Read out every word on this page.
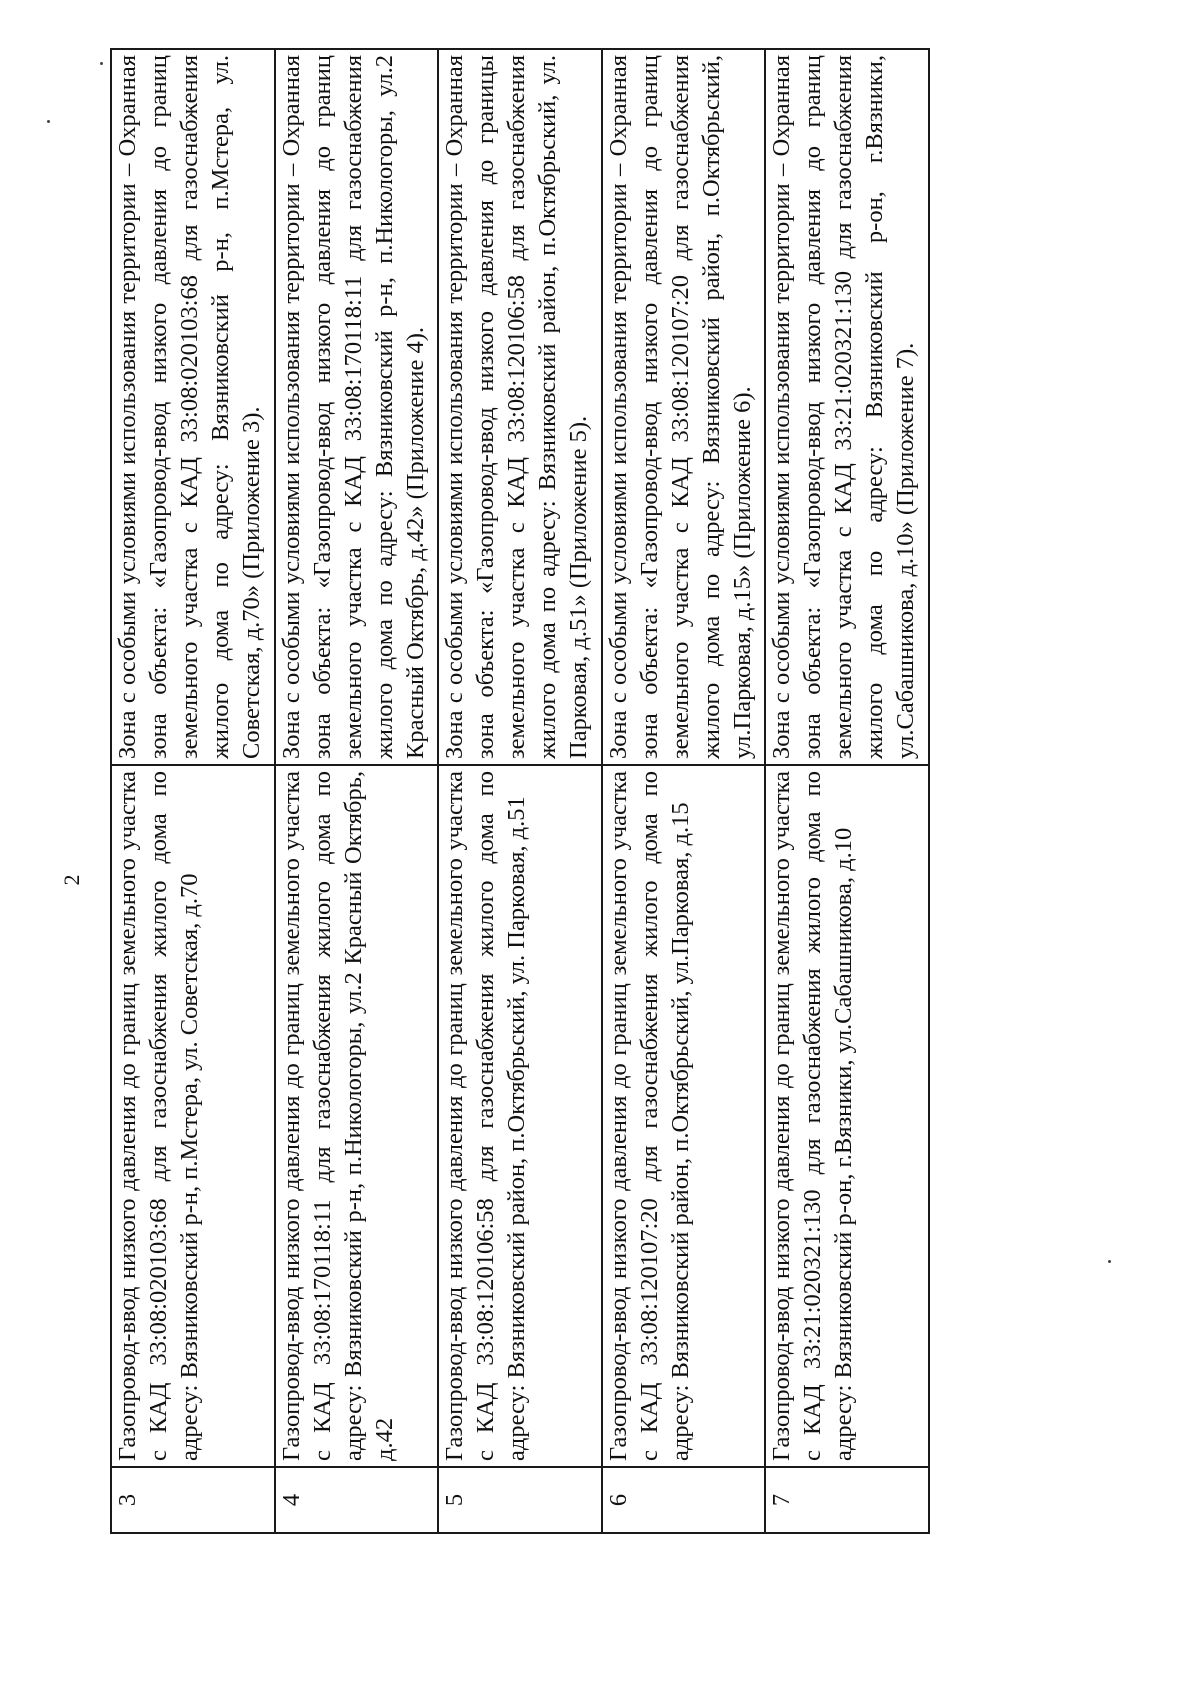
2
3	Газопровод-ввод низкого давления до границ земельного участка с КАД 33:08:020103:68 для газоснабжения жилого дома по адресу: Вязниковский р-н, п.Мстера, ул. Советская, д.70	Зона с особыми условиями использования территории – Охранная зона объекта: «Газопровод-ввод низкого давления до границ земельного участка с КАД 33:08:020103:68 для газоснабжения жилого дома по адресу: Вязниковский р-н, п.Мстера, ул. Советская, д.70» (Приложение 3).
4	Газопровод-ввод низкого давления до границ земельного участка с КАД 33:08:170118:11 для газоснабжения жилого дома по адресу: Вязниковский р-н, п.Никологоры, ул.2 Красный Октябрь, д.42	Зона с особыми условиями использования территории – Охранная зона объекта: «Газопровод-ввод низкого давления до границ земельного участка с КАД 33:08:170118:11 для газоснабжения жилого дома по адресу: Вязниковский р-н, п.Никологоры, ул.2 Красный Октябрь, д.42» (Приложение 4).
5	Газопровод-ввод низкого давления до границ земельного участка с КАД 33:08:120106:58 для газоснабжения жилого дома по адресу: Вязниковский район, п.Октябрьский, ул. Парковая, д.51	Зона с особыми условиями использования территории – Охранная зона объекта: «Газопровод-ввод низкого давления до границы земельного участка с КАД 33:08:120106:58 для газоснабжения жилого дома по адресу: Вязниковский район, п.Октябрьский, ул. Парковая, д.51» (Приложение 5).
6	Газопровод-ввод низкого давления до границ земельного участка с КАД 33:08:120107:20 для газоснабжения жилого дома по адресу: Вязниковский район, п.Октябрьский, ул.Парковая, д.15	Зона с особыми условиями использования территории – Охранная зона объекта: «Газопровод-ввод низкого давления до границ земельного участка с КАД 33:08:120107:20 для газоснабжения жилого дома по адресу: Вязниковский район, п.Октябрьский, ул.Парковая, д.15» (Приложение 6).
7	Газопровод-ввод низкого давления до границ земельного участка с КАД 33:21:020321:130 для газоснабжения жилого дома по адресу: Вязниковский р-он, г.Вязники, ул.Сабашникова, д.10	Зона с особыми условиями использования территории – Охранная зона объекта: «Газопровод-ввод низкого давления до границ земельного участка с КАД 33:21:020321:130 для газоснабжения жилого дома по адресу: Вязниковский р-он, г.Вязники, ул.Сабашникова, д.10» (Приложение 7).
